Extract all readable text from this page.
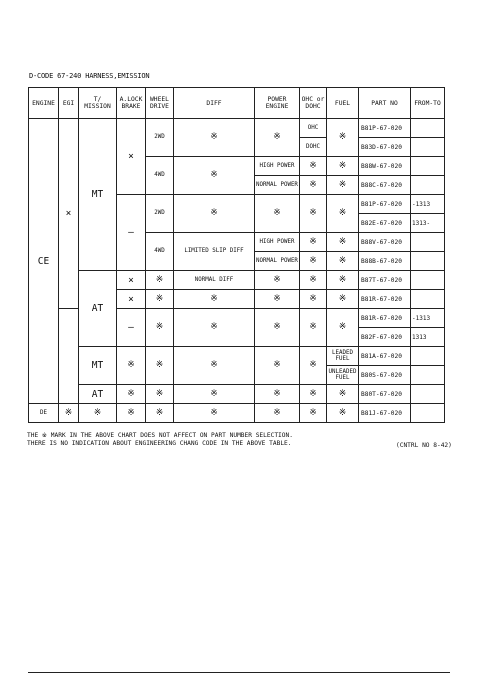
D-CODE 67-240 HARNESS,EMISSION
ENGINE	EGI	T/ MISSION	A.LOCK BRAKE	WHEEL DRIVE	DIFF	POWER ENGINE	OHC or DOHC	FUEL	PART NO	FROM-TO
CE	×	MT	×	2WD	※	※	OHC	※	B81P-67-020	
							DOHC		B83D-67-020	
				4WD	※	HIGH POWER	※	※	B88W-67-020	
						NORMAL POWER	※	※	B88C-67-020	
			–	2WD	※	※	※	※	B81P-67-020	-1313
									B82E-67-020	1313-
				4WD	LIMITED SLIP DIFF	HIGH POWER	※	※	B88V-67-020	
						NORMAL POWER	※	※	B88B-67-020	
		AT	×	※	NORMAL DIFF	※	※	※	B87T-67-020	
			×	※	※	※	※	※	B81R-67-020	
			–	※	※	※	※	※	B81R-67-020	-1313
									B82F-67-020	1313
		MT	※	※	※	※	※	LEADED FUEL	B81A-67-020	
								UNLEADED FUEL	B80S-67-020	
		AT	※	※	※	※	※	※	B80T-67-020	
DE	※	※	※	※	※	※	※	※	B81J-67-020	
THE ※ MARK IN THE ABOVE CHART DOES NOT AFFECT ON PART NUMBER SELECTION.
THERE IS NO INDICATION ABOUT ENGINEERING CHANG CODE IN THE ABOVE TABLE.	(CNTRL NO 8-42)
